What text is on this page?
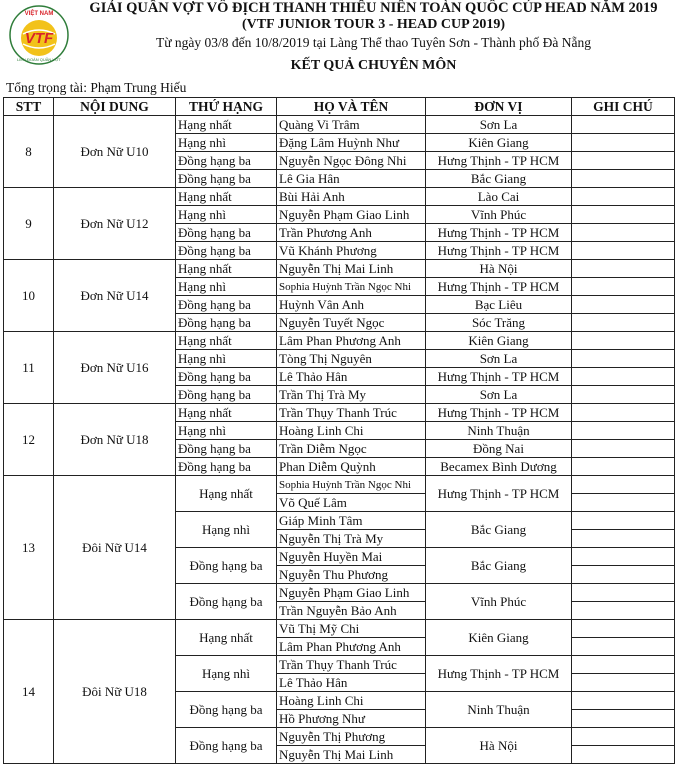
VIỆT NAM
VTF
LIÊN ĐOÀN QUẦN VỢT
GIẢI QUẦN VỢT VÔ ĐỊCH THANH THIẾU NIÊN TOÀN QUỐC CÚP HEAD NĂM 2019
(VTF JUNIOR TOUR 3 - HEAD CUP 2019)
Từ ngày 03/8 đến 10/8/2019 tại Làng Thể thao Tuyên Sơn - Thành phố Đà Nẵng
KẾT QUẢ CHUYÊN MÔN
Tổng trọng tài: Phạm Trung Hiếu
STT	NỘI DUNG	THỨ HẠNG	HỌ VÀ TÊN	ĐƠN VỊ	GHI CHÚ
8	Đơn Nữ U10	Hạng nhất	Quàng Vi Trâm	Sơn La	
		Hạng nhì	Đặng Lâm Huỳnh Như	Kiên Giang	
		Đồng hạng ba	Nguyễn Ngọc Đông Nhi	Hưng Thịnh - TP HCM	
		Đồng hạng ba	Lê Gia Hân	Bắc Giang	
9	Đơn Nữ U12	Hạng nhất	Bùi Hải Anh	Lào Cai	
		Hạng nhì	Nguyễn Phạm Giao Linh	Vĩnh Phúc	
		Đồng hạng ba	Trần Phương Anh	Hưng Thịnh - TP HCM	
		Đồng hạng ba	Vũ Khánh Phương	Hưng Thịnh - TP HCM	
10	Đơn Nữ U14	Hạng nhất	Nguyễn Thị Mai Linh	Hà Nội	
		Hạng nhì	Sophia Huỳnh Trần Ngọc Nhi	Hưng Thịnh - TP HCM	
		Đồng hạng ba	Huỳnh Vân Anh	Bạc Liêu	
		Đồng hạng ba	Nguyễn Tuyết Ngọc	Sóc Trăng	
11	Đơn Nữ U16	Hạng nhất	Lâm Phan Phương Anh	Kiên Giang	
		Hạng nhì	Tòng Thị Nguyên	Sơn La	
		Đồng hạng ba	Lê Thảo Hân	Hưng Thịnh - TP HCM	
		Đồng hạng ba	Trần Thị Trà My	Sơn La	
12	Đơn Nữ U18	Hạng nhất	Trần Thụy Thanh Trúc	Hưng Thịnh - TP HCM	
		Hạng nhì	Hoàng Linh Chi	Ninh Thuận	
		Đồng hạng ba	Trần Diễm Ngọc	Đồng Nai	
		Đồng hạng ba	Phan Diễm Quỳnh	Becamex Bình Dương	
13	Đôi Nữ U14	Hạng nhất	Sophia Huỳnh Trần Ngọc Nhi	Hưng Thịnh - TP HCM	
			Võ Quế Lâm		
		Hạng nhì	Giáp Minh Tâm	Bắc Giang	
			Nguyễn Thị Trà My		
		Đồng hạng ba	Nguyễn Huyền Mai	Bắc Giang	
			Nguyễn Thu Phương		
		Đồng hạng ba	Nguyễn Phạm Giao Linh	Vĩnh Phúc	
			Trần Nguyễn Bảo Anh		
14	Đôi Nữ U18	Hạng nhất	Vũ Thị Mỹ Chi	Kiên Giang	
			Lâm Phan Phương Anh		
		Hạng nhì	Trần Thụy Thanh Trúc	Hưng Thịnh - TP HCM	
			Lê Thảo Hân		
		Đồng hạng ba	Hoàng Linh Chi	Ninh Thuận	
			Hồ Phương Như		
		Đồng hạng ba	Nguyễn Thị Phương	Hà Nội	
			Nguyễn Thị Mai Linh		
